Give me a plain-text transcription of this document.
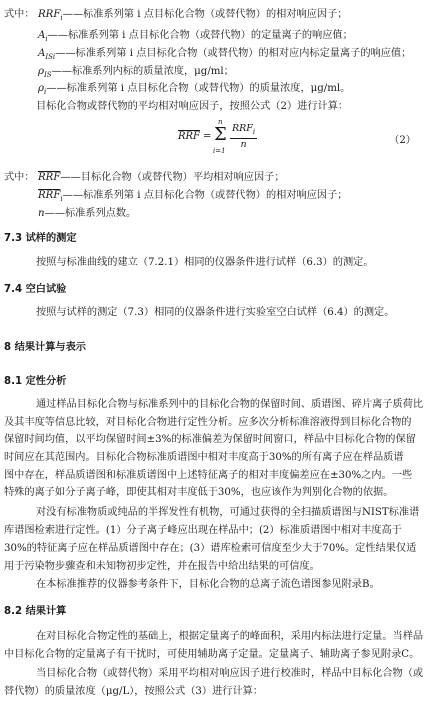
式中： $RRF_i——$标准系列第 i 点目标化合物（或替代物）的相对响应因子；
$A_i——$标准系列第 i 点目标化合物（或替代物）的定量离子的响应值；
$A_{ISi}——$标准系列第 i 点目标化合物（或替代物）的相对应内标定量离子的响应值；
$\rho_{IS}——$标准系列内标的质量浓度，μg/ml；
$\rho_i——$标准系列第 i 点目标化合物（或替代物）的质量浓度，μg/ml。
目标化合物或替代物的平均相对响应因子，按照公式（2）进行计算：
$\overline{RRF}$ =
n
Σ
i=1
$RRF_i$
n	（2）
式中： $\overline{RRF}——$目标化合物（或替代物）平均相对响应因子；
$\overline{RRF}_i——$标准系列第 i 点目标化合物（或替代物）的相对响应因子；
n——标准系列点数。
7.3 试样的测定
按照与标准曲线的建立（7.2.1）相同的仪器条件进行试样（6.3）的测定。
7.4 空白试验
按照与试样的测定（7.3）相同的仪器条件进行实验室空白试样（6.4）的测定。
8 结果计算与表示
8.1 定性分析
通过样品目标化合物与标准系列中的目标化合物的保留时间、质谱图、碎片离子质荷比
及其丰度等信息比较，对目标化合物进行定性分析。应多次分析标准溶液得到目标化合物的
保留时间均值，以平均保留时间±3%的标准偏差为保留时间窗口，样品中目标化合物的保留
时间应在其范围内。目标化合物标准质谱图中相对丰度高于30%的所有离子应在样品质谱
图中存在，样品质谱图和标准质谱图中上述特征离子的相对丰度偏差应在±30%之内。一些
特殊的离子如分子离子峰，即使其相对丰度低于30%，也应该作为判别化合物的依据。
对没有标准物质或纯品的半挥发性有机物，可通过获得的全扫描质谱图与NIST标准谱
库谱图检索进行定性。(1）分子离子峰应出现在样品中；(2）标准质谱图中相对丰度高于
30%的特征离子应在样品质谱图中存在；(3）谱库检索可信度至少大于70%。定性结果仅适
用于污染物步骤查和未知物初步定性，并在报告中给出结果的可信度。
在本标准推荐的仪器参考条件下，目标化合物的总离子流色谱图参见附录B。
8.2 结果计算
在对目标化合物定性的基础上，根据定量离子的峰面积，采用内标法进行定量。当样品
中目标化合物的定量离子有干扰时，可使用辅助离子定量。定量离子、辅助离子参见附录C。
当目标化合物（或替代物）采用平均相对响应因子进行校准时，样品中目标化合物（或
替代物）的质量浓度（μg/L），按照公式（3）进行计算：
